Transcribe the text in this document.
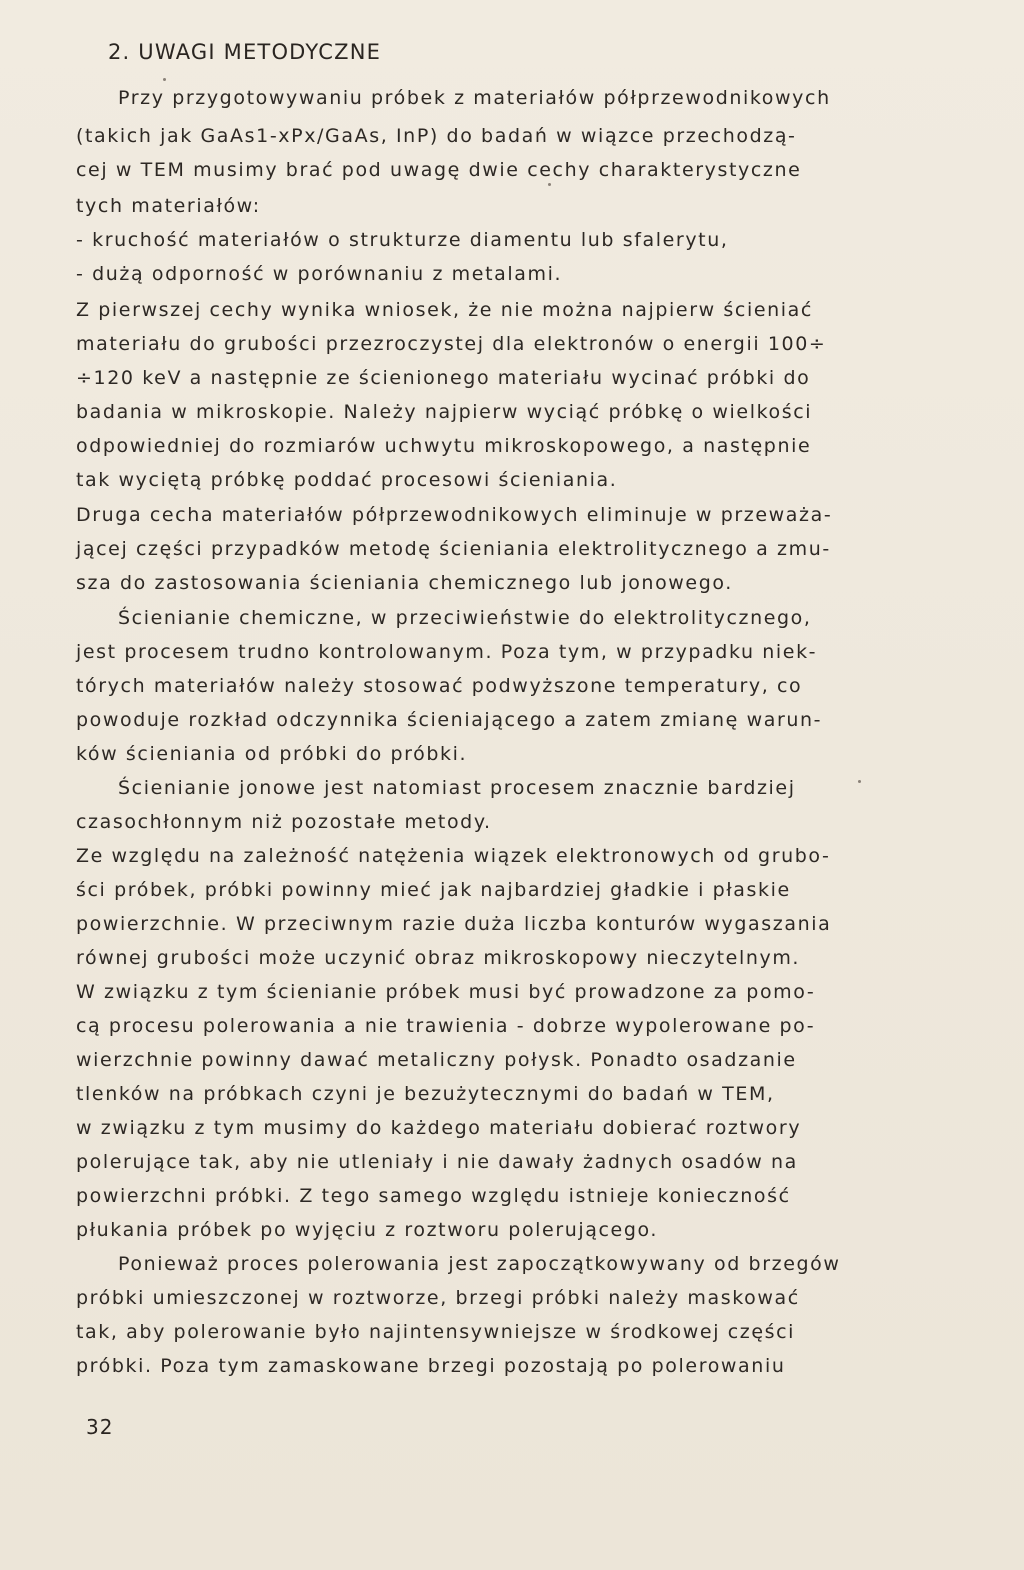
2. UWAGI METODYCZNE
Przy przygotowywaniu próbek z materiałów półprzewodnikowych
(takich jak GaAs1-xPx/GaAs, InP) do badań w wiązce przechodzą-
cej w TEM musimy brać pod uwagę dwie cechy charakterystyczne
tych materiałów:
- kruchość materiałów o strukturze diamentu lub sfalerytu,
- dużą odporność w porównaniu z metalami.
Z pierwszej cechy wynika wniosek, że nie można najpierw ścieniać
materiału do grubości przezroczystej dla elektronów o energii 100÷
÷120 keV a następnie ze ścienionego materiału wycinać próbki do
badania w mikroskopie. Należy najpierw wyciąć próbkę o wielkości
odpowiedniej do rozmiarów uchwytu mikroskopowego, a następnie
tak wyciętą próbkę poddać procesowi ścieniania.
Druga cecha materiałów półprzewodnikowych eliminuje w przeważa-
jącej części przypadków metodę ścieniania elektrolitycznego a zmu-
sza do zastosowania ścieniania chemicznego lub jonowego.
Ścienianie chemiczne, w przeciwieństwie do elektrolitycznego,
jest procesem trudno kontrolowanym. Poza tym, w przypadku niek-
tórych materiałów należy stosować podwyższone temperatury, co
powoduje rozkład odczynnika ścieniającego a zatem zmianę warun-
ków ścieniania od próbki do próbki.
Ścienianie jonowe jest natomiast procesem znacznie bardziej
czasochłonnym niż pozostałe metody.
Ze względu na zależność natężenia wiązek elektronowych od grubo-
ści próbek, próbki powinny mieć jak najbardziej gładkie i płaskie
powierzchnie. W przeciwnym razie duża liczba konturów wygaszania
równej grubości może uczynić obraz mikroskopowy nieczytelnym.
W związku z tym ścienianie próbek musi być prowadzone za pomo-
cą procesu polerowania a nie trawienia - dobrze wypolerowane po-
wierzchnie powinny dawać metaliczny połysk. Ponadto osadzanie
tlenków na próbkach czyni je bezużytecznymi do badań w TEM,
w związku z tym musimy do każdego materiału dobierać roztwory
polerujące tak, aby nie utleniały i nie dawały żadnych osadów na
powierzchni próbki. Z tego samego względu istnieje konieczność
płukania próbek po wyjęciu z roztworu polerującego.
Ponieważ proces polerowania jest zapoczątkowywany od brzegów
próbki umieszczonej w roztworze, brzegi próbki należy maskować
tak, aby polerowanie było najintensywniejsze w środkowej części
próbki. Poza tym zamaskowane brzegi pozostają po polerowaniu
32
